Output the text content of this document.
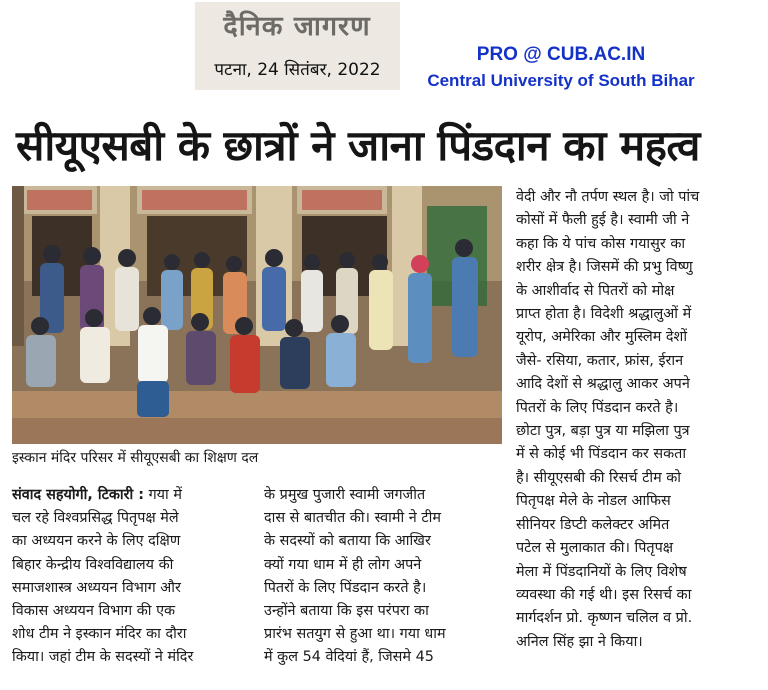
दैनिक जागरण
पटना, 24 सितंबर, 2022
PRO @ CUB.AC.IN
Central University of South Bihar
सीयूएसबी के छात्रों ने जाना पिंडदान का महत्व
इस्कान मंदिर परिसर में सीयूएसबी का शिक्षण दल

संवाद सहयोगी, टिकारी : गया में

चल रहे विश्वप्रसिद्ध पितृपक्ष मेले

का अध्ययन करने के लिए दक्षिण

बिहार केन्द्रीय विश्वविद्यालय की

समाजशास्त्र अध्ययन विभाग और

विकास अध्ययन विभाग की एक

शोध टीम ने इस्कान मंदिर का दौरा

किया। जहां टीम के सदस्यों ने मंदिर

के प्रमुख पुजारी स्वामी जगजीत

दास से बातचीत की। स्वामी ने टीम

के सदस्यों को बताया कि आखिर

क्यों गया धाम में ही लोग अपने

पितरों के लिए पिंडदान करते है।

उन्होंने बताया कि इस परंपरा का

प्रारंभ सतयुग से हुआ था। गया धाम

में कुल 54 वेदियां हैं, जिसमे 45

वेदी और नौ तर्पण स्थल है। जो पांच

कोसों में फैली हुई है। स्वामी जी ने

कहा कि ये पांच कोस गयासुर का

शरीर क्षेत्र है। जिसमें की प्रभु विष्णु

के आशीर्वाद से पितरों को मोक्ष

प्राप्त होता है। विदेशी श्रद्धालुओं में

यूरोप, अमेरिका और मुस्लिम देशों

जैसे- रसिया, कतार, फ्रांस, ईरान

आदि देशों से श्रद्धालु आकर अपने

पितरों के लिए पिंडदान करते है।

छोटा पुत्र, बड़ा पुत्र या मझिला पुत्र

में से कोई भी पिंडदान कर सकता

है। सीयूएसबी की रिसर्च टीम को

पितृपक्ष मेले के नोडल आफिस

सीनियर डिप्टी कलेक्टर अमित

पटेल से मुलाकात की। पितृपक्ष

मेला में पिंडदानियों के लिए विशेष

व्यवस्था की गई थी। इस रिसर्च का

मार्गदर्शन प्रो. कृष्णन चलिल व प्रो.

अनिल सिंह झा ने किया।
